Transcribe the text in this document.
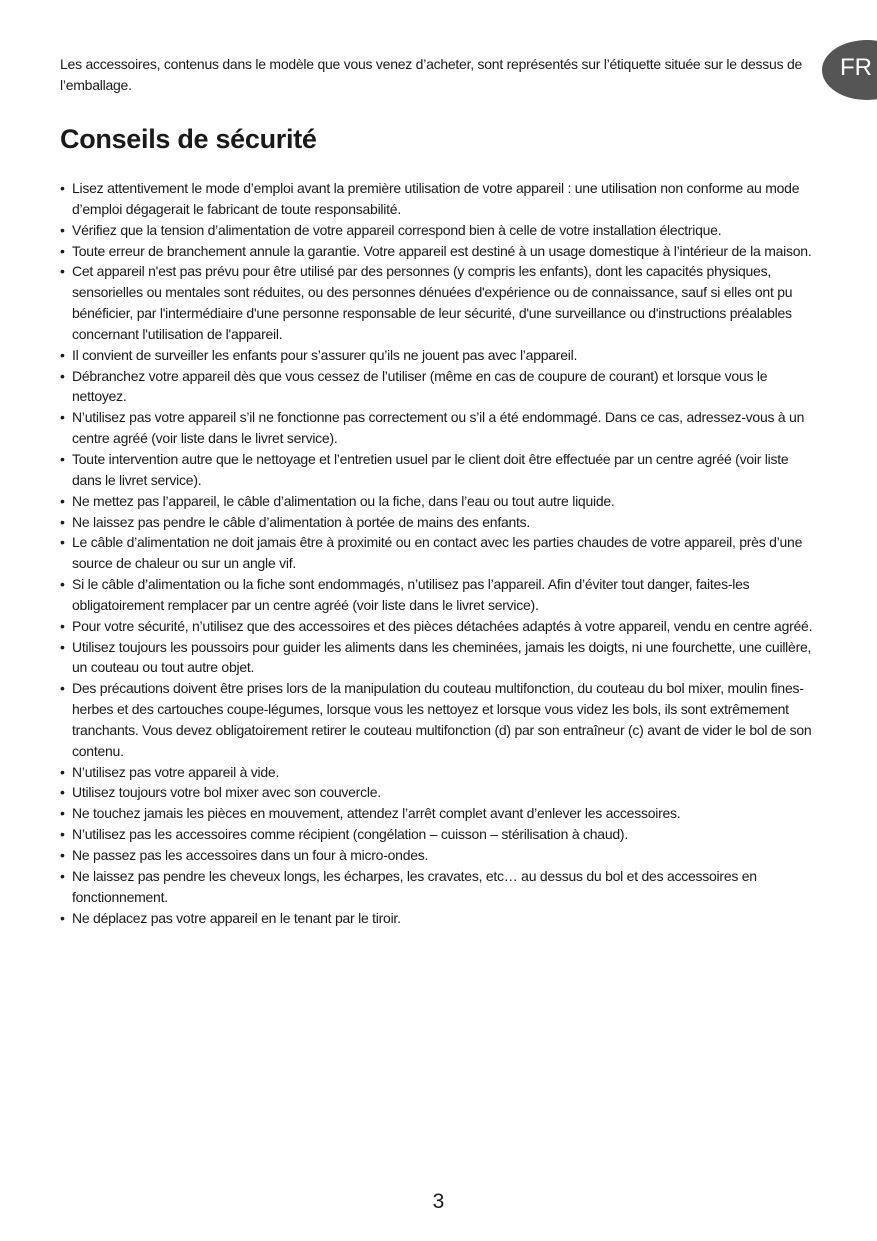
FR

Les accessoires, contenus dans le modèle que vous venez d’acheter, sont représentés sur l’étiquette située sur le dessus de l’emballage.

Conseils de sécurité
• Lisez attentivement le mode d’emploi avant la première utilisation de votre appareil : une utilisation non conforme au mode d’emploi dégagerait le fabricant de toute responsabilité.
• Vérifiez que la tension d’alimentation de votre appareil correspond bien à celle de votre installation électrique.
• Toute erreur de branchement annule la garantie. Votre appareil est destiné à un usage domestique à l’intérieur de la maison.
• Cet appareil n'est pas prévu pour être utilisé par des personnes (y compris les enfants), dont les capacités physiques, sensorielles ou mentales sont réduites, ou des personnes dénuées d'expérience ou de connaissance, sauf si elles ont pu bénéficier, par l'intermédiaire d'une personne responsable de leur sécurité, d'une surveillance ou d'instructions préalables concernant l'utilisation de l'appareil.
• Il convient de surveiller les enfants pour s’assurer qu’ils ne jouent pas avec l’appareil.
• Débranchez votre appareil dès que vous cessez de l’utiliser (même en cas de coupure de courant) et lorsque vous le nettoyez.
• N’utilisez pas votre appareil s’il ne fonctionne pas correctement ou s’il a été endommagé. Dans ce cas, adressez-vous à un centre agréé (voir liste dans le livret service).
• Toute intervention autre que le nettoyage et l’entretien usuel par le client doit être effectuée par un centre agréé (voir liste dans le livret service).
• Ne mettez pas l’appareil, le câble d’alimentation ou la fiche, dans l’eau ou tout autre liquide.
• Ne laissez pas pendre le câble d’alimentation à portée de mains des enfants.
• Le câble d’alimentation ne doit jamais être à proximité ou en contact avec les parties chaudes de votre appareil, près d’une source de chaleur ou sur un angle vif.
• Si le câble d’alimentation ou la fiche sont endommagés, n’utilisez pas l’appareil. Afin d’éviter tout danger, faites-les obligatoirement remplacer par un centre agréé (voir liste dans le livret service).
• Pour votre sécurité, n’utilisez que des accessoires et des pièces détachées adaptés à votre appareil, vendu en centre agréé.
• Utilisez toujours les poussoirs pour guider les aliments dans les cheminées, jamais les doigts, ni une fourchette, une cuillère, un couteau ou tout autre objet.
• Des précautions doivent être prises lors de la manipulation du couteau multifonction, du couteau du bol mixer, moulin fines-herbes et des cartouches coupe-légumes, lorsque vous les nettoyez et lorsque vous videz les bols, ils sont extrêmement tranchants. Vous devez obligatoirement retirer le couteau multifonction (d) par son entraîneur (c) avant de vider le bol de son contenu.
• N’utilisez pas votre appareil à vide.
• Utilisez toujours votre bol mixer avec son couvercle.
• Ne touchez jamais les pièces en mouvement, attendez l’arrêt complet avant d’enlever les accessoires.
• N’utilisez pas les accessoires comme récipient (congélation – cuisson – stérilisation à chaud).
• Ne passez pas les accessoires dans un four à micro-ondes.
• Ne laissez pas pendre les cheveux longs, les écharpes, les cravates, etc… au dessus du bol et des accessoires en fonctionnement.
• Ne déplacez pas votre appareil en le tenant par le tiroir.
3
